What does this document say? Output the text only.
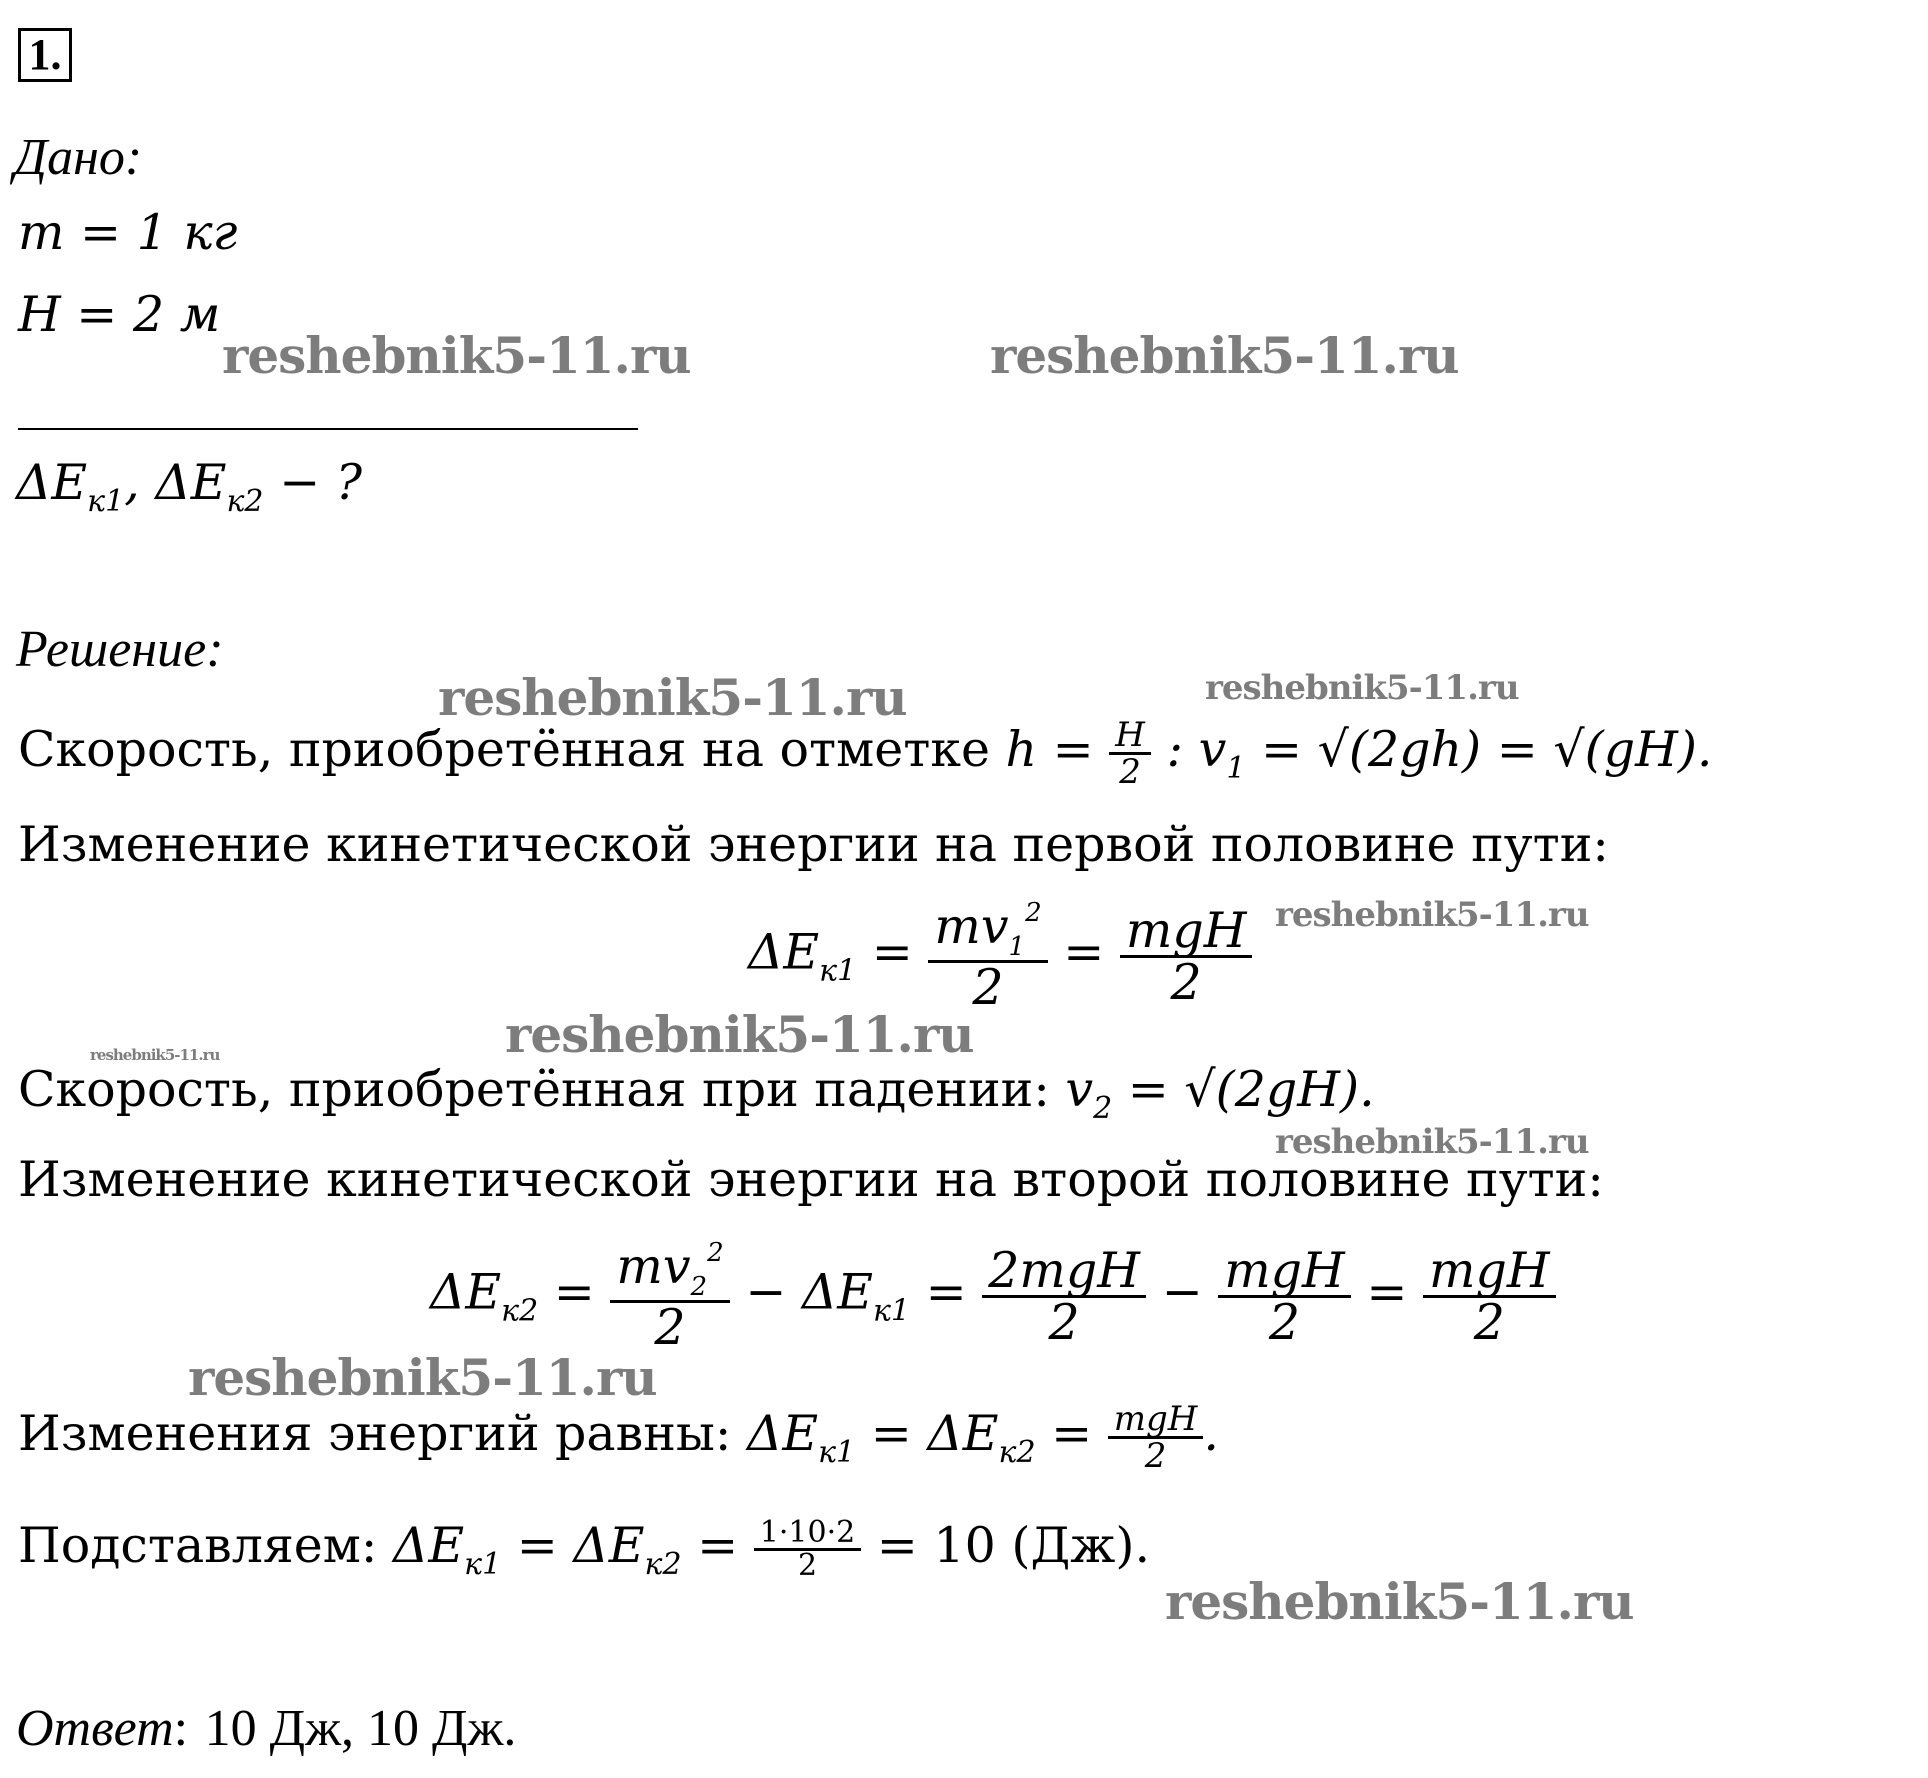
1.
Дано:
m = 1 кг
H = 2 м
$\Delta E_{к1}$, $\Delta E_{к2}$ − ?
Решение:
Скорость, приобретённая на отметке $h = \frac{H}{2}$ : $v_1 = √(2gh) = √(gH)$.
Изменение кинетической энергии на первой половине пути:
$\Delta E_{к1} = \frac{mv_1^2}{2} = \frac{\text{mgH}}{2}$
Скорость, приобретённая при падении: $v_2 = √(2gH)$.
Изменение кинетической энергии на второй половине пути:
$\Delta E_{к2} = \frac{mv_2^2}{2} - \Delta E_{к1} = \frac{\text{2mgH}}{2} - \frac{\text{mgH}}{2} = \frac{\text{mgH}}{2}$
Изменения энергий равны: $\Delta E_{к1} = \Delta E_{к2} = \frac{\text{mgH}}{2}$ .
Подставляем: $\Delta E_{к1} = \Delta E_{к2} = \frac{1\cdot 10\cdot 2}{2} = 10$ (Дж).
Ответ: 10 Дж, 10 Дж.
reshebnik5-11.ru	reshebnik5-11.ru
reshebnik5-11.ru
reshebnik5-11.ru
reshebnik5-11.ru
reshebnik5-11.ru
reshebnik5-11.ru
reshebnik5-11.ru
reshebnik5-11.ru
reshebnik5-11.ru
